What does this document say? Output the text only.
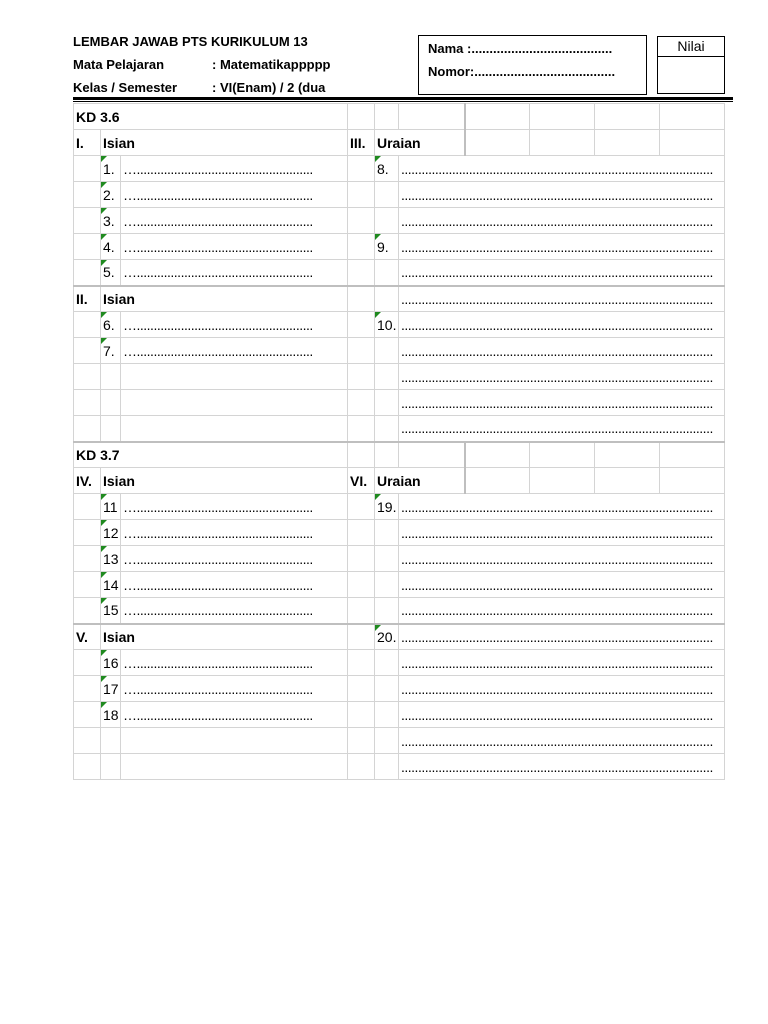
LEMBAR JAWAB PTS KURIKULUM 13
Mata Pelajaran	: Matematikappppp
Kelas / Semester	: VI(Enam) / 2 (dua
Nama :.......................................
Nomor:.......................................
Nilai
KD 3.6									
I.	Isian		III.	Uraian					
	1.	…....................................................		8.	............................................................................................				

	2.	…....................................................			............................................................................................				

	3.	…....................................................			............................................................................................				

	4.	…....................................................		9.	............................................................................................				

	5.	…....................................................			............................................................................................				

II.	Isian				............................................................................................				

	6.	…....................................................		10.	............................................................................................				

	7.	…....................................................			............................................................................................				

					............................................................................................				

					............................................................................................				

					............................................................................................				

KD 3.7									
IV.	Isian		VI.	Uraian					
	11	…....................................................		19.	............................................................................................				

	12	…....................................................			............................................................................................				

	13	…....................................................			............................................................................................				

	14	…....................................................			............................................................................................				

	15	…....................................................			............................................................................................				

V.	Isian			20.	............................................................................................				

	16	…....................................................			............................................................................................				

	17	…....................................................			............................................................................................				

	18	…....................................................			............................................................................................				

					............................................................................................				

					............................................................................................				
